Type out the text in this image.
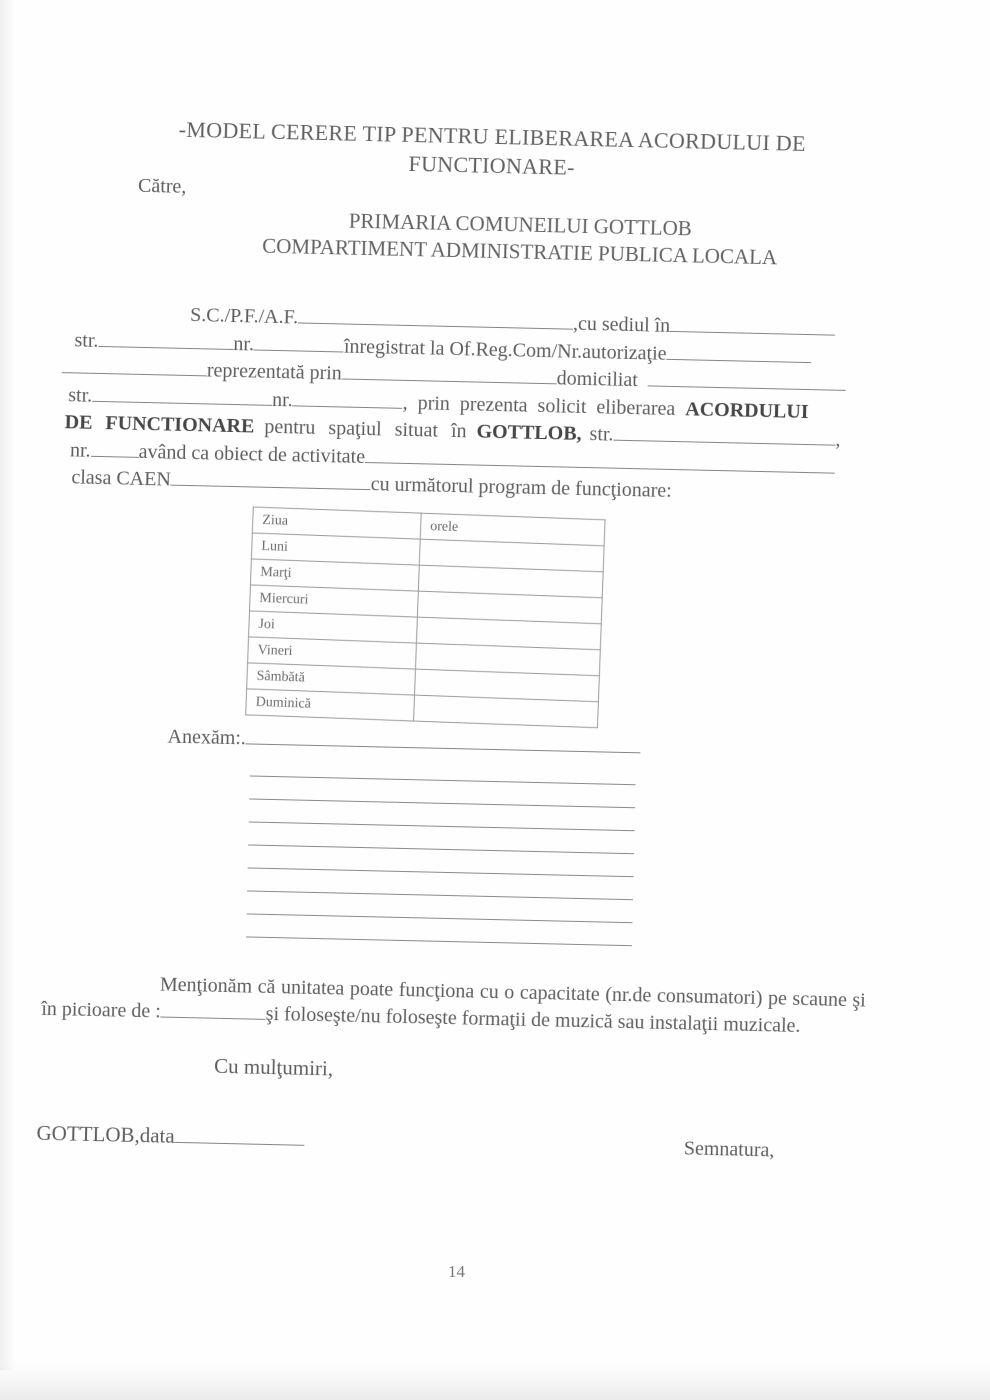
-MODEL CERERE TIP PENTRU ELIBERAREA ACORDULUI DE
FUNCTIONARE-
Către,
PRIMARIA COMUNEILUI GOTTLOB
COMPARTIMENT ADMINISTRATIE PUBLICA LOCALA
S.C./P.F./A.F.	,cu sediul în
str.	nr.	înregistrat la Of.Reg.Com/Nr.autorizaţie
reprezentată prin	domiciliat
str.	nr.	, prin prezenta solicit eliberarea ACORDULUI
DE FUNCTIONARE pentru spaţiul situat în GOTTLOB, str.	,
nr. având ca obiect de activitate
clasa CAEN	cu următorul program de funcţionare:
Ziua	orele
Luni	
Marţi	
Miercuri	
Joi	
Vineri	
Sâmbătă	
Duminică	
Anexăm:.
Menţionăm că unitatea poate funcţiona cu o capacitate (nr.de consumatori) pe scaune şi în picioare de :	şi foloseşte/nu foloseşte formaţii de muzică sau instalaţii muzicale.
Cu mulţumiri,
GOTTLOB,data
Semnatura,
14
